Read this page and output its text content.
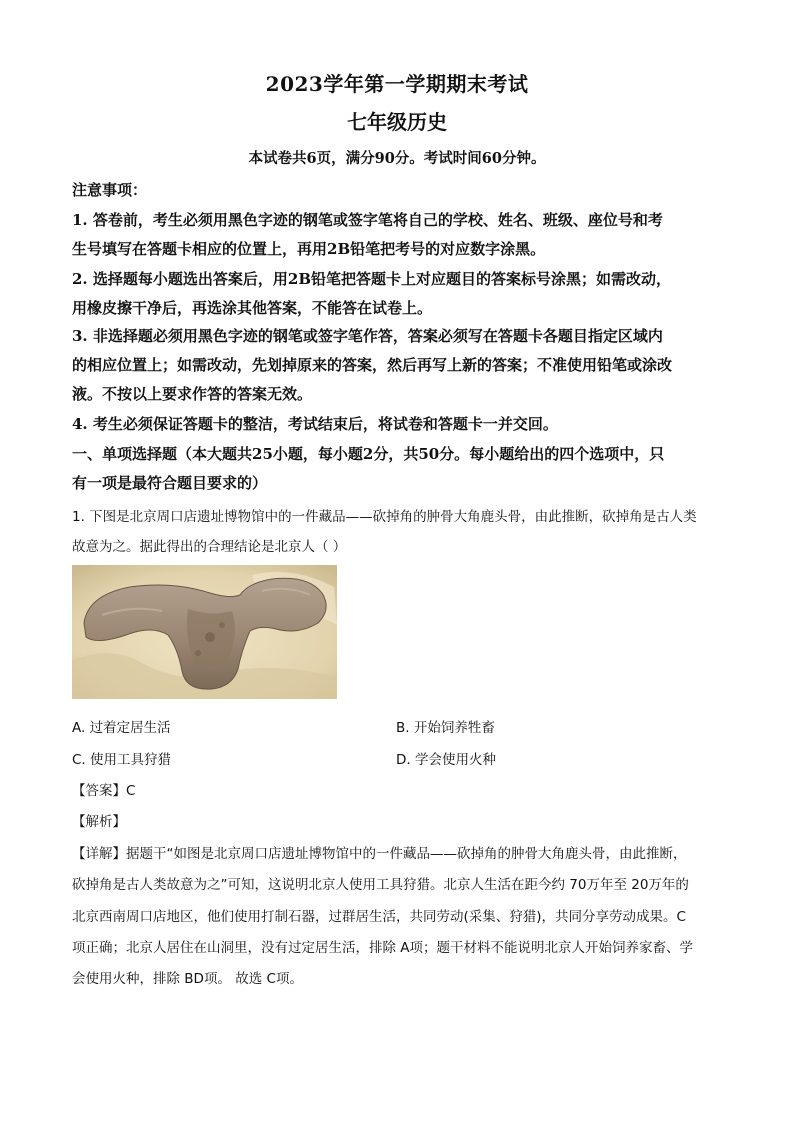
2023学年第一学期期末考试
七年级历史
本试卷共6页，满分90分。考试时间60分钟。
注意事项：
1. 答卷前，考生必须用黑色字迹的钢笔或签字笔将自己的学校、姓名、班级、座位号和考
生号填写在答题卡相应的位置上，再用2B铅笔把考号的对应数字涂黑。
2. 选择题每小题选出答案后，用2B铅笔把答题卡上对应题目的答案标号涂黑；如需改动，
用橡皮擦干净后，再选涂其他答案，不能答在试卷上。
3. 非选择题必须用黑色字迹的钢笔或签字笔作答，答案必须写在答题卡各题目指定区域内
的相应位置上；如需改动，先划掉原来的答案，然后再写上新的答案；不准使用铅笔或涂改
液。不按以上要求作答的答案无效。
4. 考生必须保证答题卡的整洁，考试结束后，将试卷和答题卡一并交回。
一、单项选择题（本大题共25小题，每小题2分，共50分。每小题给出的四个选项中，只
有一项是最符合题目要求的）
1. 下图是北京周口店遗址博物馆中的一件藏品——砍掉角的肿骨大角鹿头骨，由此推断，砍掉角是古人类
故意为之。据此得出的合理结论是北京人（ ）
A. 过着定居生活	B. 开始饲养牲畜
C. 使用工具狩猎	D. 学会使用火种
【答案】C
【解析】
【详解】据题干“如图是北京周口店遗址博物馆中的一件藏品——砍掉角的肿骨大角鹿头骨，由此推断，
砍掉角是古人类故意为之”可知，这说明北京人使用工具狩猎。北京人生活在距今约 70万年至 20万年的
北京西南周口店地区，他们使用打制石器，过群居生活，共同劳动(采集、狩猎)，共同分享劳动成果。C
项正确；北京人居住在山洞里，没有过定居生活，排除 A项；题干材料不能说明北京人开始饲养家畜、学
会使用火种，排除 BD项。 故选 C项。
